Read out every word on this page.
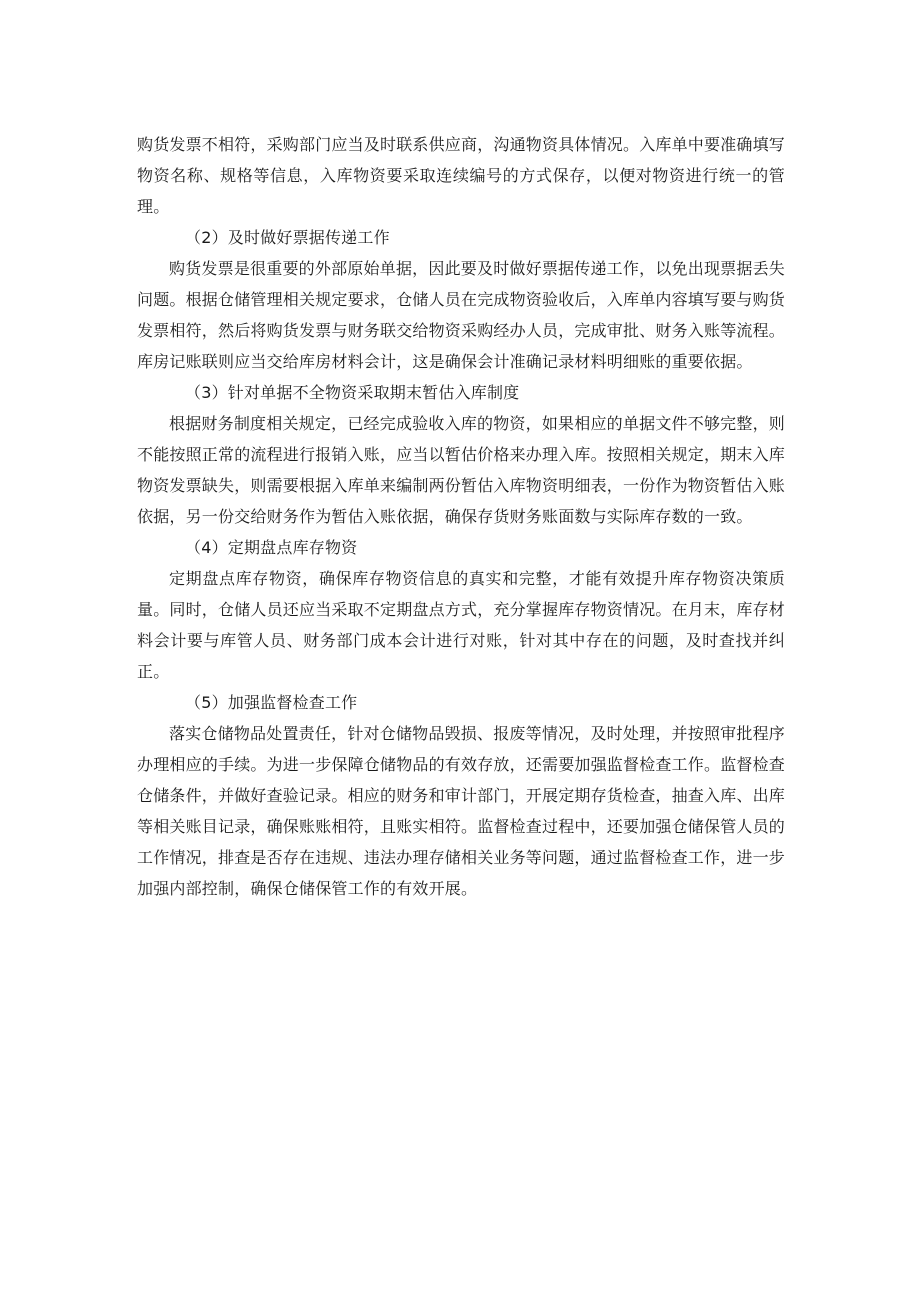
购货发票不相符，采购部门应当及时联系供应商，沟通物资具体情况。入库单中要准确填写物资名称、规格等信息，入库物资要采取连续编号的方式保存，以便对物资进行统一的管理。

（2）及时做好票据传递工作

购货发票是很重要的外部原始单据，因此要及时做好票据传递工作，以免出现票据丢失问题。根据仓储管理相关规定要求，仓储人员在完成物资验收后，入库单内容填写要与购货发票相符，然后将购货发票与财务联交给物资采购经办人员，完成审批、财务入账等流程。库房记账联则应当交给库房材料会计，这是确保会计准确记录材料明细账的重要依据。

（3）针对单据不全物资采取期末暂估入库制度

根据财务制度相关规定，已经完成验收入库的物资，如果相应的单据文件不够完整，则不能按照正常的流程进行报销入账，应当以暂估价格来办理入库。按照相关规定，期末入库物资发票缺失，则需要根据入库单来编制两份暂估入库物资明细表，一份作为物资暂估入账依据，另一份交给财务作为暂估入账依据，确保存货财务账面数与实际库存数的一致。

（4）定期盘点库存物资

定期盘点库存物资，确保库存物资信息的真实和完整，才能有效提升库存物资决策质量。同时，仓储人员还应当采取不定期盘点方式，充分掌握库存物资情况。在月末，库存材料会计要与库管人员、财务部门成本会计进行对账，针对其中存在的问题，及时查找并纠正。

（5）加强监督检查工作

落实仓储物品处置责任，针对仓储物品毁损、报废等情况，及时处理，并按照审批程序办理相应的手续。为进一步保障仓储物品的有效存放，还需要加强监督检查工作。监督检查仓储条件，并做好查验记录。相应的财务和审计部门，开展定期存货检查，抽查入库、出库等相关账目记录，确保账账相符，且账实相符。监督检查过程中，还要加强仓储保管人员的工作情况，排查是否存在违规、违法办理存储相关业务等问题，通过监督检查工作，进一步加强内部控制，确保仓储保管工作的有效开展。
